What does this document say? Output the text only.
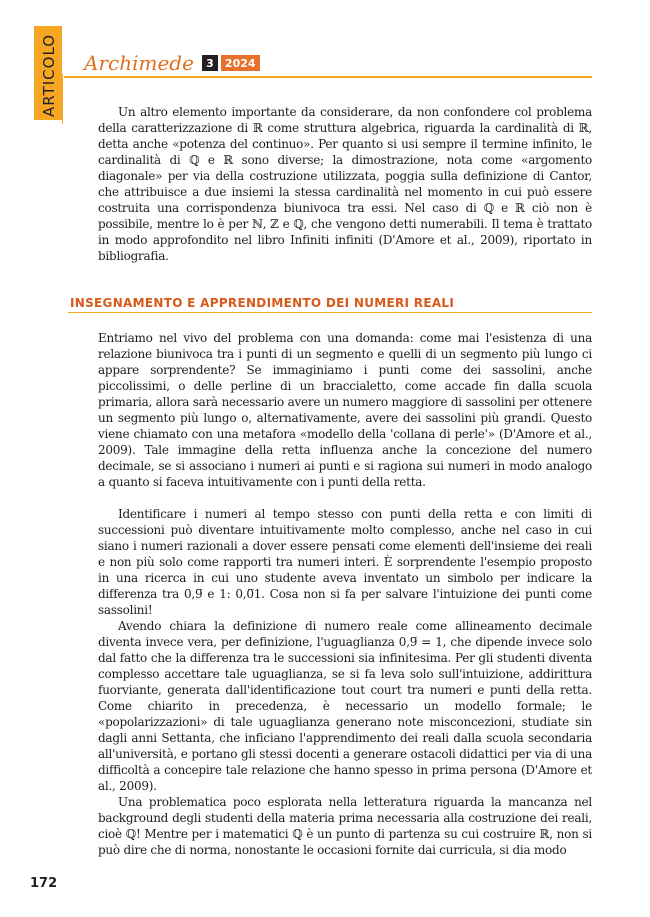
ARTICOLO Archimede	3	2024

Un altro elemento importante da considerare, da non confondere col problema della caratterizzazione di ℝ come struttura algebrica, riguarda la cardinalità di ℝ, detta anche «potenza del continuo». Per quanto si usi sempre il termine infinito, le cardinalità di ℚ e ℝ sono diverse; la dimostrazione, nota come «argomento diagonale» per via della costruzione utilizzata, poggia sulla definizione di Cantor, che attribuisce a due insiemi la stessa cardinalità nel momento in cui può essere costruita una corrispondenza biunivoca tra essi. Nel caso di ℚ e ℝ ciò non è possibile, mentre lo è per ℕ, ℤ e ℚ, che vengono detti numerabili. Il tema è trattato in modo approfondito nel libro Infiniti infiniti (D'Amore et al., 2009), riportato in bibliografia.

INSEGNAMENTO E APPRENDIMENTO DEI NUMERI REALI

Entriamo nel vivo del problema con una domanda: come mai l'esistenza di una relazione biunivoca tra i punti di un segmento e quelli di un segmento più lungo ci appare sorprendente? Se immaginiamo i punti come dei sassolini, anche piccolissimi, o delle perline di un braccialetto, come accade fin dalla scuola primaria, allora sarà necessario avere un numero maggiore di sassolini per ottenere un segmento più lungo o, alternativamente, avere dei sassolini più grandi. Questo viene chiamato con una metafora «modello della 'collana di perle'» (D'Amore et al., 2009). Tale immagine della retta influenza anche la concezione del numero decimale, se si associano i numeri ai punti e si ragiona sui numeri in modo analogo a quanto si faceva intuitivamente con i punti della retta.

Identificare i numeri al tempo stesso con punti della retta e con limiti di successioni può diventare intuitivamente molto complesso, anche nel caso in cui siano i numeri razionali a dover essere pensati come elementi dell'insieme dei reali e non più solo come rapporti tra numeri interi. È sorprendente l'esempio proposto in una ricerca in cui uno studente aveva inventato un simbolo per indicare la differenza tra 0,9̅ e 1: 0,0̅1. Cosa non si fa per salvare l'intuizione dei punti come sassolini!

Avendo chiara la definizione di numero reale come allineamento decimale diventa invece vera, per definizione, l'uguaglianza 0,9̅ = 1, che dipende invece solo dal fatto che la differenza tra le successioni sia infinitesima. Per gli studenti diventa complesso accettare tale uguaglianza, se si fa leva solo sull'intuizione, addirittura fuorviante, generata dall'identificazione tout court tra numeri e punti della retta. Come chiarito in precedenza, è necessario un modello formale; le «popolarizzazioni» di tale uguaglianza generano note misconcezioni, studiate sin dagli anni Settanta, che inficiano l'apprendimento dei reali dalla scuola secondaria all'università, e portano gli stessi docenti a generare ostacoli didattici per via di una difficoltà a concepire tale relazione che hanno spesso in prima persona (D'Amore et al., 2009).

Una problematica poco esplorata nella letteratura riguarda la mancanza nel background degli studenti della materia prima necessaria alla costruzione dei reali, cioè ℚ! Mentre per i matematici ℚ è un punto di partenza su cui costruire ℝ, non si può dire che di norma, nonostante le occasioni fornite dai curricula, si dia modo

172
